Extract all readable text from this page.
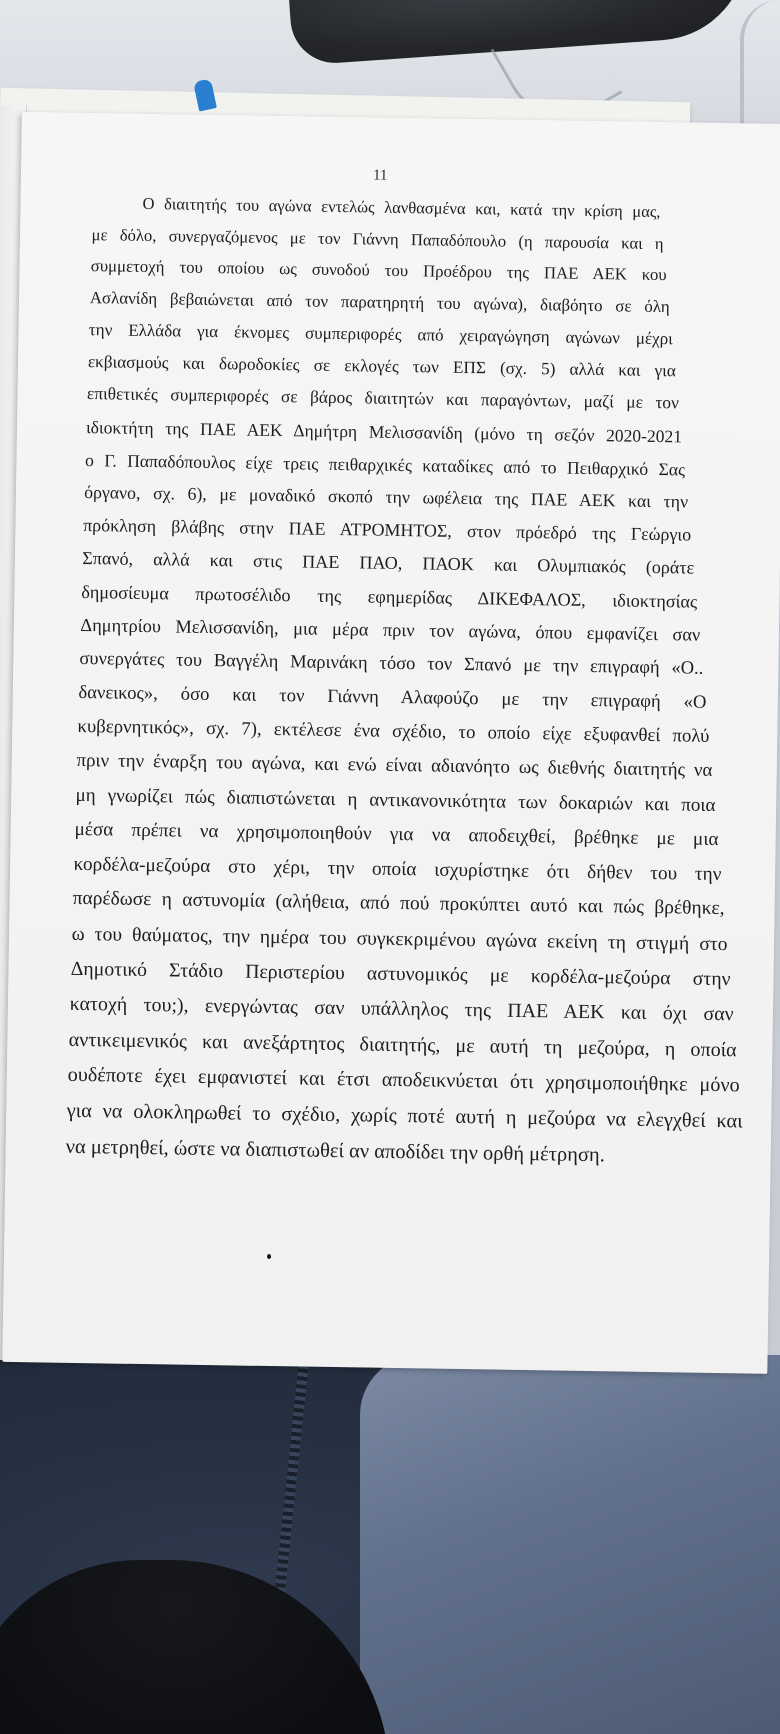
11
Ο διαιτητής του αγώνα εντελώς λανθασμένα και, κατά την κρίση μας,
με δόλο, συνεργαζόμενος με τον Γιάννη Παπαδόπουλο (η παρουσία και η
συμμετοχή του οποίου ως συνοδού του Προέδρου της ΠΑΕ ΑΕΚ κου
Ασλανίδη βεβαιώνεται από τον παρατηρητή του αγώνα), διαβόητο σε όλη
την Ελλάδα για έκνομες συμπεριφορές από χειραγώγηση αγώνων μέχρι
εκβιασμούς και δωροδοκίες σε εκλογές των ΕΠΣ (σχ. 5) αλλά και για
επιθετικές συμπεριφορές σε βάρος διαιτητών και παραγόντων, μαζί με τον
ιδιοκτήτη της ΠΑΕ ΑΕΚ Δημήτρη Μελισσανίδη (μόνο τη σεζόν 2020-2021
ο Γ. Παπαδόπουλος είχε τρεις πειθαρχικές καταδίκες από το Πειθαρχικό Σας
όργανο, σχ. 6), με μοναδικό σκοπό την ωφέλεια της ΠΑΕ ΑΕΚ και την
πρόκληση βλάβης στην ΠΑΕ ΑΤΡΟΜΗΤΟΣ, στον πρόεδρό της Γεώργιο
Σπανό, αλλά και στις ΠΑΕ ΠΑΟ, ΠΑΟΚ και Ολυμπιακός (οράτε
δημοσίευμα πρωτοσέλιδο της εφημερίδας ΔΙΚΕΦΑΛΟΣ, ιδιοκτησίας
Δημητρίου Μελισσανίδη, μια μέρα πριν τον αγώνα, όπου εμφανίζει σαν
συνεργάτες του Βαγγέλη Μαρινάκη τόσο τον Σπανό με την επιγραφή «Ο..
δανεικος», όσο και τον Γιάννη Αλαφούζο με την επιγραφή «Ο
κυβερνητικός», σχ. 7), εκτέλεσε ένα σχέδιο, το οποίο είχε εξυφανθεί πολύ
πριν την έναρξη του αγώνα, και ενώ είναι αδιανόητο ως διεθνής διαιτητής να
μη γνωρίζει πώς διαπιστώνεται η αντικανονικότητα των δοκαριών και ποια
μέσα πρέπει να χρησιμοποιηθούν για να αποδειχθεί, βρέθηκε με μια
κορδέλα-μεζούρα στο χέρι, την οποία ισχυρίστηκε ότι δήθεν του την
παρέδωσε η αστυνομία (αλήθεια, από πού προκύπτει αυτό και πώς βρέθηκε,
ω του θαύματος, την ημέρα του συγκεκριμένου αγώνα εκείνη τη στιγμή στο
Δημοτικό Στάδιο Περιστερίου αστυνομικός με κορδέλα-μεζούρα στην
κατοχή του;), ενεργώντας σαν υπάλληλος της ΠΑΕ ΑΕΚ και όχι σαν
αντικειμενικός και ανεξάρτητος διαιτητής, με αυτή τη μεζούρα, η οποία
ουδέποτε έχει εμφανιστεί και έτσι αποδεικνύεται ότι χρησιμοποιήθηκε μόνο
για να ολοκληρωθεί το σχέδιο, χωρίς ποτέ αυτή η μεζούρα να ελεγχθεί και
να μετρηθεί, ώστε να διαπιστωθεί αν αποδίδει την ορθή μέτρηση.
